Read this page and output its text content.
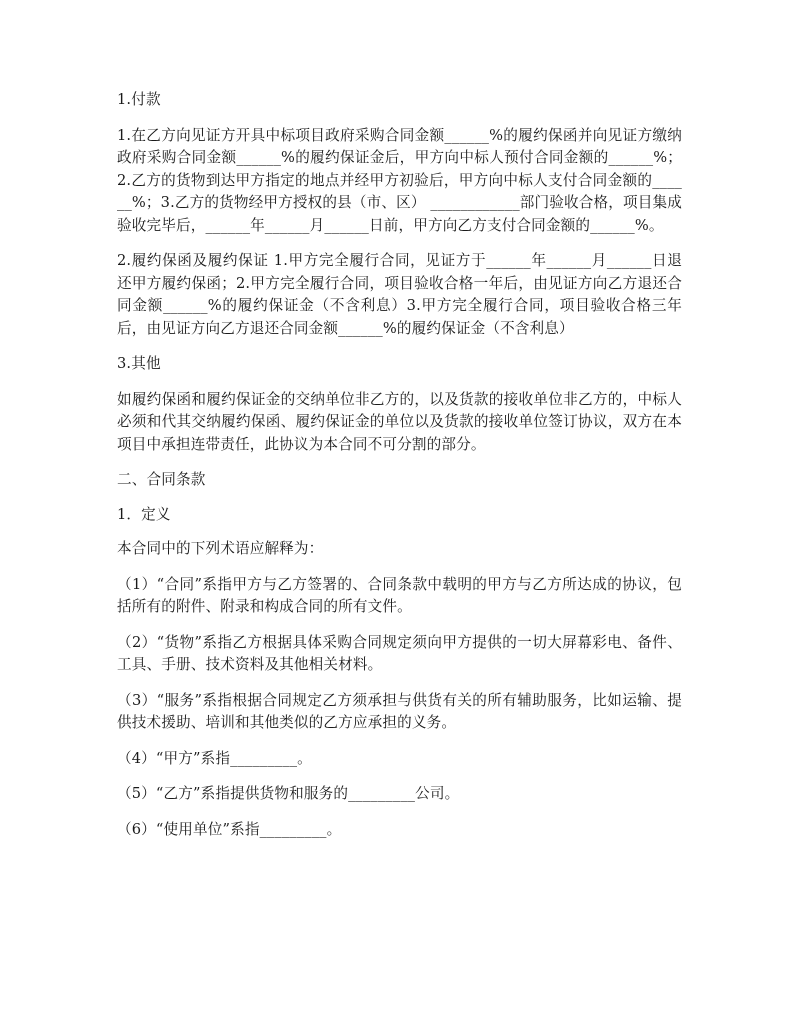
1.付款

1.在乙方向见证方开具中标项目政府采购合同金额______%的履约保函并向见证方缴纳政府采购合同金额______%的履约保证金后，甲方向中标人预付合同金额的______%；2.乙方的货物到达甲方指定的地点并经甲方初验后，甲方向中标人支付合同金额的______%；3.乙方的货物经甲方授权的县（市、区） ____________部门验收合格，项目集成验收完毕后，______年______月______日前，甲方向乙方支付合同金额的______%。

2.履约保函及履约保证 1.甲方完全履行合同，见证方于______年______月______日退还甲方履约保函；2.甲方完全履行合同，项目验收合格一年后，由见证方向乙方退还合同金额______%的履约保证金（不含利息）3.甲方完全履行合同，项目验收合格三年后，由见证方向乙方退还合同金额______%的履约保证金（不含利息）

3.其他

如履约保函和履约保证金的交纳单位非乙方的，以及货款的接收单位非乙方的，中标人必须和代其交纳履约保函、履约保证金的单位以及货款的接收单位签订协议，双方在本项目中承担连带责任，此协议为本合同不可分割的部分。

二、合同条款

1．定义

本合同中的下列术语应解释为：

（1）“合同”系指甲方与乙方签署的、合同条款中载明的甲方与乙方所达成的协议，包括所有的附件、附录和构成合同的所有文件。

（2）“货物”系指乙方根据具体采购合同规定须向甲方提供的一切大屏幕彩电、备件、工具、手册、技术资料及其他相关材料。

（3）“服务”系指根据合同规定乙方须承担与供货有关的所有辅助服务，比如运输、提供技术援助、培训和其他类似的乙方应承担的义务。

（4）“甲方”系指_________。

（5）“乙方”系指提供货物和服务的_________公司。

（6）“使用单位”系指_________。
